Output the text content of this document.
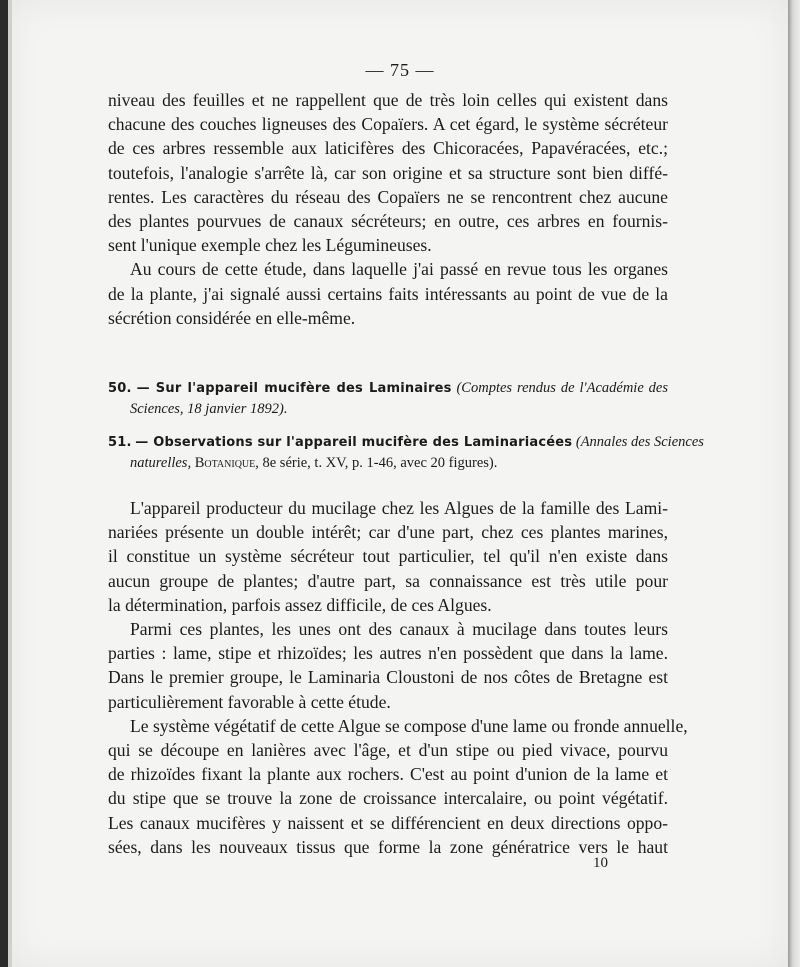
— 75 —

niveau des feuilles et ne rappellent que de très loin celles qui existent dans
chacune des couches ligneuses des Copaïers. A cet égard, le système sécréteur
de ces arbres ressemble aux laticifères des Chicoracées, Papavéracées, etc.;
toutefois, l'analogie s'arrête là, car son origine et sa structure sont bien diffé-
rentes. Les caractères du réseau des Copaïers ne se rencontrent chez aucune
des plantes pourvues de canaux sécréteurs; en outre, ces arbres en fournis-
sent l'unique exemple chez les Légumineuses.

Au cours de cette étude, dans laquelle j'ai passé en revue tous les organes
de la plante, j'ai signalé aussi certains faits intéressants au point de vue de la
sécrétion considérée en elle-même.

50. — Sur l'appareil mucifère des Laminaires (Comptes rendus de l'Académie des
Sciences, 18 janvier 1892).

51. — Observations sur l'appareil mucifère des Laminariacées (Annales des Sciences
naturelles, Botanique, 8e série, t. XV, p. 1-46, avec 20 figures).

L'appareil producteur du mucilage chez les Algues de la famille des Lami-
nariées présente un double intérêt; car d'une part, chez ces plantes marines,
il constitue un système sécréteur tout particulier, tel qu'il n'en existe dans
aucun groupe de plantes; d'autre part, sa connaissance est très utile pour
la détermination, parfois assez difficile, de ces Algues.

Parmi ces plantes, les unes ont des canaux à mucilage dans toutes leurs
parties : lame, stipe et rhizoïdes; les autres n'en possèdent que dans la lame.
Dans le premier groupe, le Laminaria Cloustoni de nos côtes de Bretagne est
particulièrement favorable à cette étude.

Le système végétatif de cette Algue se compose d'une lame ou fronde annuelle,
qui se découpe en lanières avec l'âge, et d'un stipe ou pied vivace, pourvu
de rhizoïdes fixant la plante aux rochers. C'est au point d'union de la lame et
du stipe que se trouve la zone de croissance intercalaire, ou point végétatif.
Les canaux mucifères y naissent et se différencient en deux directions oppo-
sées, dans les nouveaux tissus que forme la zone génératrice vers le haut

10
